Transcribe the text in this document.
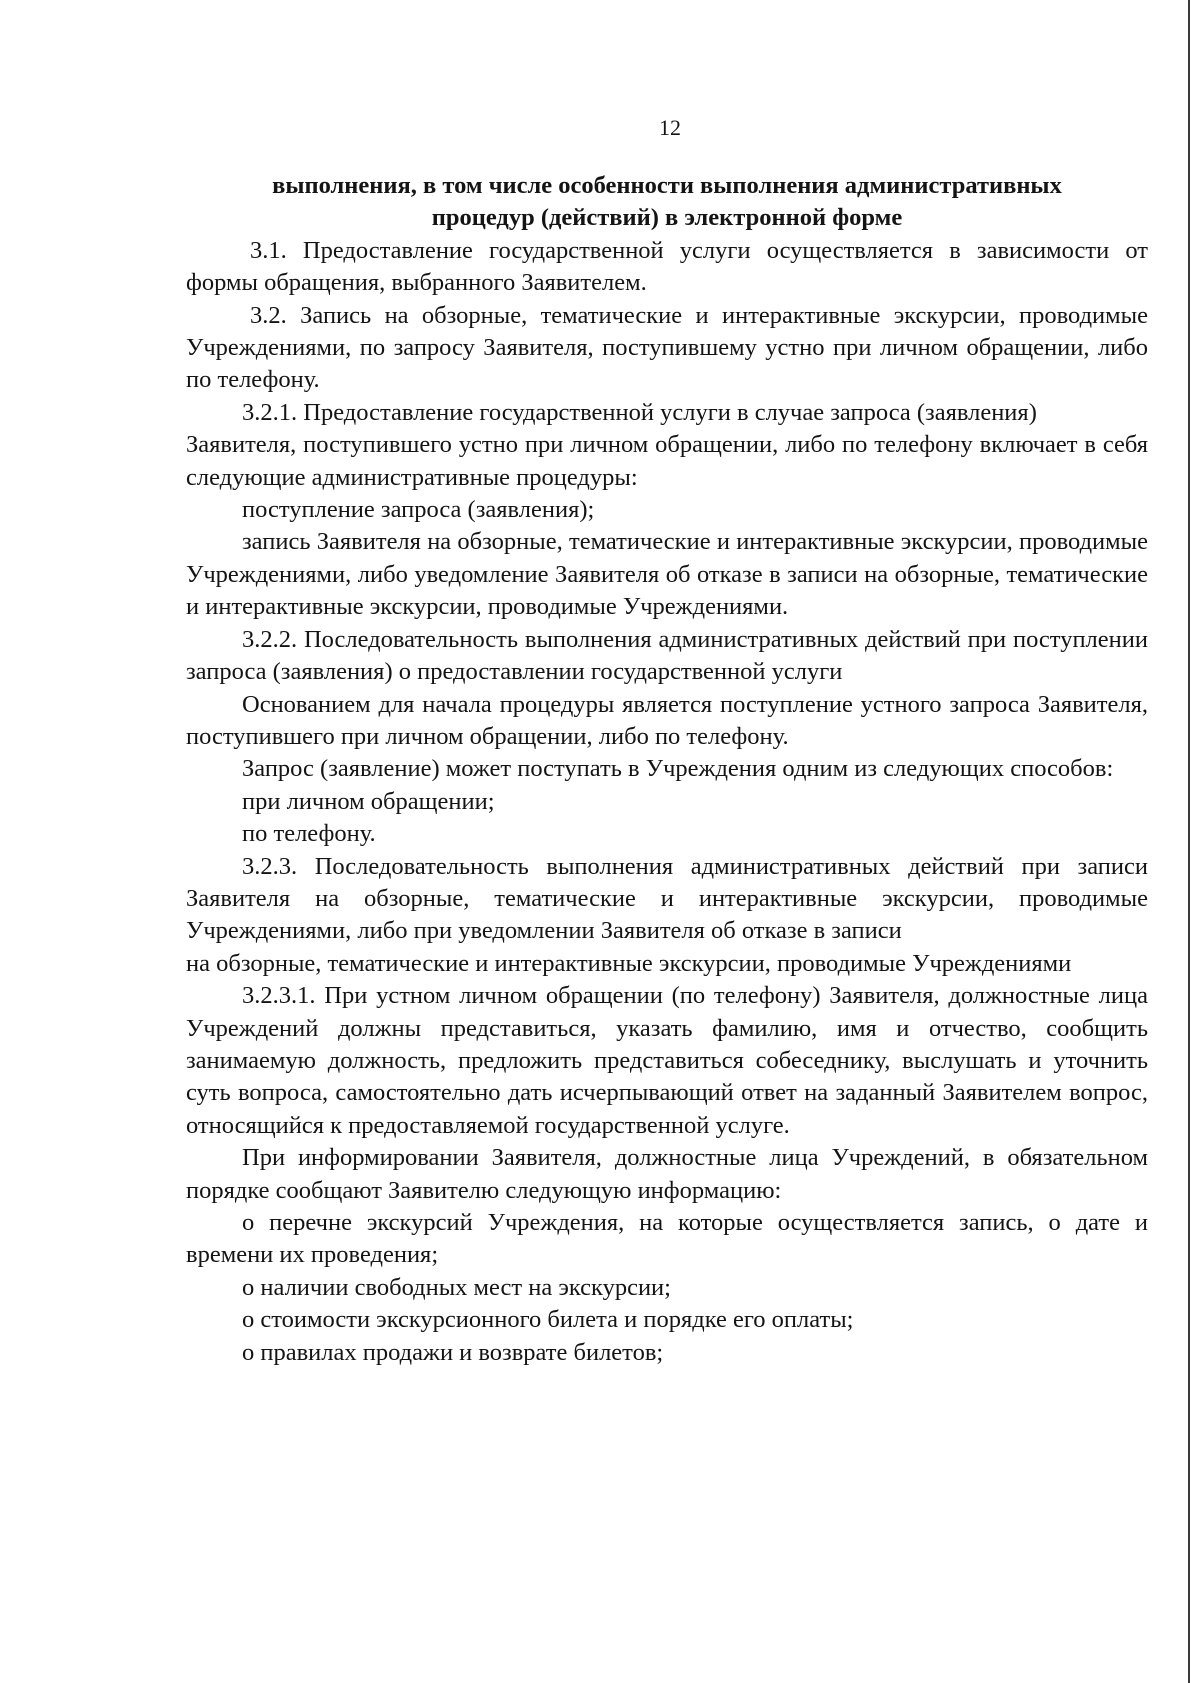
12

выполнения, в том числе особенности выполнения административных
процедур (действий) в электронной форме

3.1. Предоставление государственной услуги осуществляется в зависимости от формы обращения, выбранного Заявителем.

3.2. Запись на обзорные, тематические и интерактивные экскурсии, проводимые Учреждениями, по запросу Заявителя, поступившему устно при личном обращении, либо по телефону.

3.2.1. Предоставление государственной услуги в случае запроса (заявления)

Заявителя, поступившего устно при личном обращении, либо по телефону включает в себя следующие административные процедуры:

поступление запроса (заявления);

запись Заявителя на обзорные, тематические и интерактивные экскурсии, проводимые Учреждениями, либо уведомление Заявителя об отказе в записи на обзорные, тематические и интерактивные экскурсии, проводимые Учреждениями.

3.2.2. Последовательность выполнения административных действий при поступлении запроса (заявления) о предоставлении государственной услуги

Основанием для начала процедуры является поступление устного запроса Заявителя, поступившего при личном обращении, либо по телефону.

Запрос (заявление) может поступать в Учреждения одним из следующих способов:

при личном обращении;

по телефону.

3.2.3. Последовательность выполнения административных действий при записи Заявителя на обзорные, тематические и интерактивные экскурсии, проводимые Учреждениями, либо при уведомлении Заявителя об отказе в записи

на обзорные, тематические и интерактивные экскурсии, проводимые Учреждениями

3.2.3.1. При устном личном обращении (по телефону) Заявителя, должностные лица Учреждений должны представиться, указать фамилию, имя и отчество, сообщить занимаемую должность, предложить представиться собеседнику, выслушать и уточнить суть вопроса, самостоятельно дать исчерпывающий ответ на заданный Заявителем вопрос, относящийся к предоставляемой государственной услуге.

При информировании Заявителя, должностные лица Учреждений, в обязательном порядке сообщают Заявителю следующую информацию:

о перечне экскурсий Учреждения, на которые осуществляется запись, о дате и времени их проведения;

о наличии свободных мест на экскурсии;

о стоимости экскурсионного билета и порядке его оплаты;

о правилах продажи и возврате билетов;
